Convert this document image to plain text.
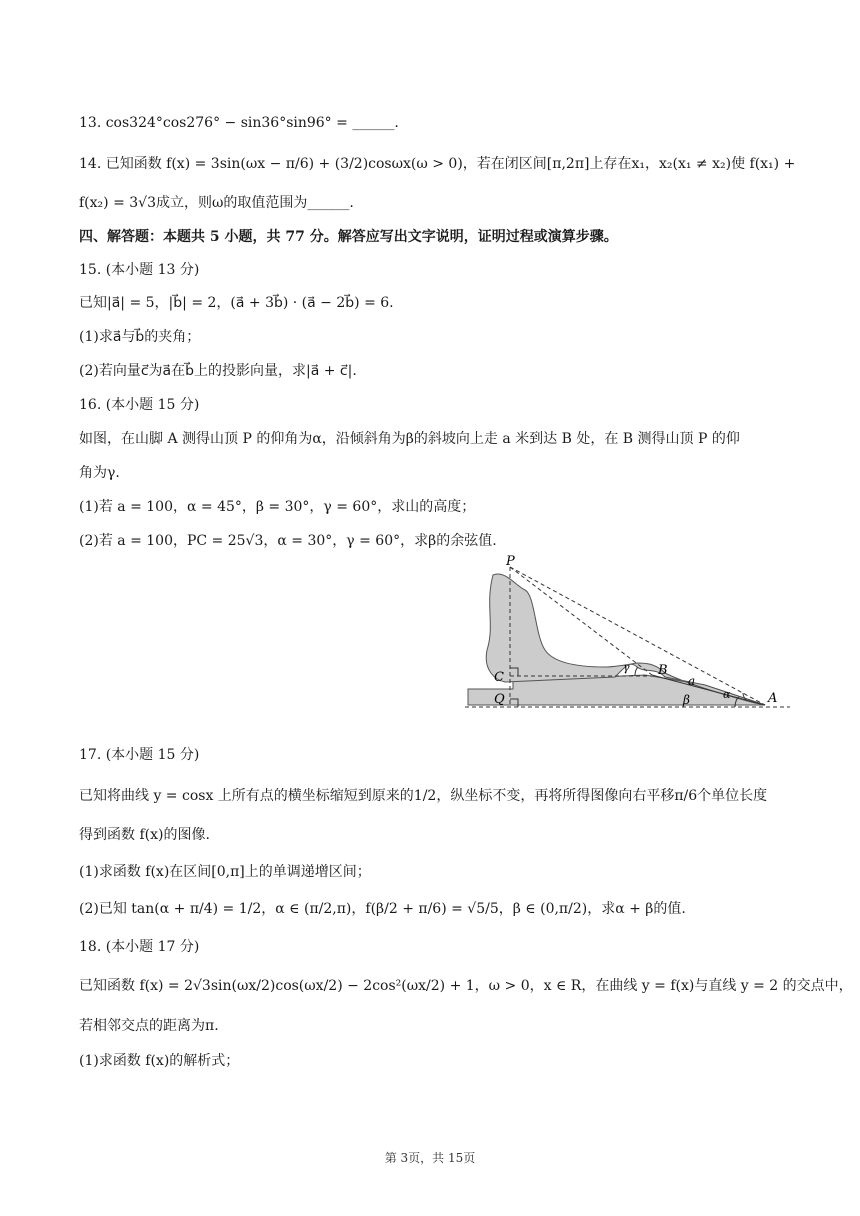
13. cos324°cos276° − sin36°sin96° = ______.
14. 已知函数 f(x) = 3sin(ωx − π/6) + (3/2)cosωx(ω > 0)，若在闭区间[π,2π]上存在x₁，x₂(x₁ ≠ x₂)使 f(x₁) +
f(x₂) = 3√3成立，则ω的取值范围为______.
四、解答题：本题共 5 小题，共 77 分。解答应写出文字说明，证明过程或演算步骤。
15. (本小题 13 分)
已知|a⃗| = 5，|b⃗| = 2，(a⃗ + 3b⃗) · (a⃗ − 2b⃗) = 6.
(1)求a⃗与b⃗的夹角；
(2)若向量c⃗为a⃗在b⃗上的投影向量，求|a⃗ + c⃗|.
16. (本小题 15 分)
如图，在山脚 A 测得山顶 P 的仰角为α，沿倾斜角为β的斜坡向上走 a 米到达 B 处，在 B 测得山顶 P 的仰
角为γ.
(1)若 a = 100，α = 45°，β = 30°，γ = 60°，求山的高度；
(2)若 a = 100，PC = 25√3，α = 30°，γ = 60°，求β的余弦值.
P
C
Q
B
A
a
α
β
γ
17. (本小题 15 分)
已知将曲线 y = cosx 上所有点的横坐标缩短到原来的1/2，纵坐标不变，再将所得图像向右平移π/6个单位长度
得到函数 f(x)的图像.
(1)求函数 f(x)在区间[0,π]上的单调递增区间；
(2)已知 tan(α + π/4) = 1/2，α ∈ (π/2,π)，f(β/2 + π/6) = √5/5，β ∈ (0,π/2)，求α + β的值.
18. (本小题 17 分)
已知函数 f(x) = 2√3sin(ωx/2)cos(ωx/2) − 2cos²(ωx/2) + 1，ω > 0，x ∈ R，在曲线 y = f(x)与直线 y = 2 的交点中，
若相邻交点的距离为π.
(1)求函数 f(x)的解析式；
第 3页，共 15页
